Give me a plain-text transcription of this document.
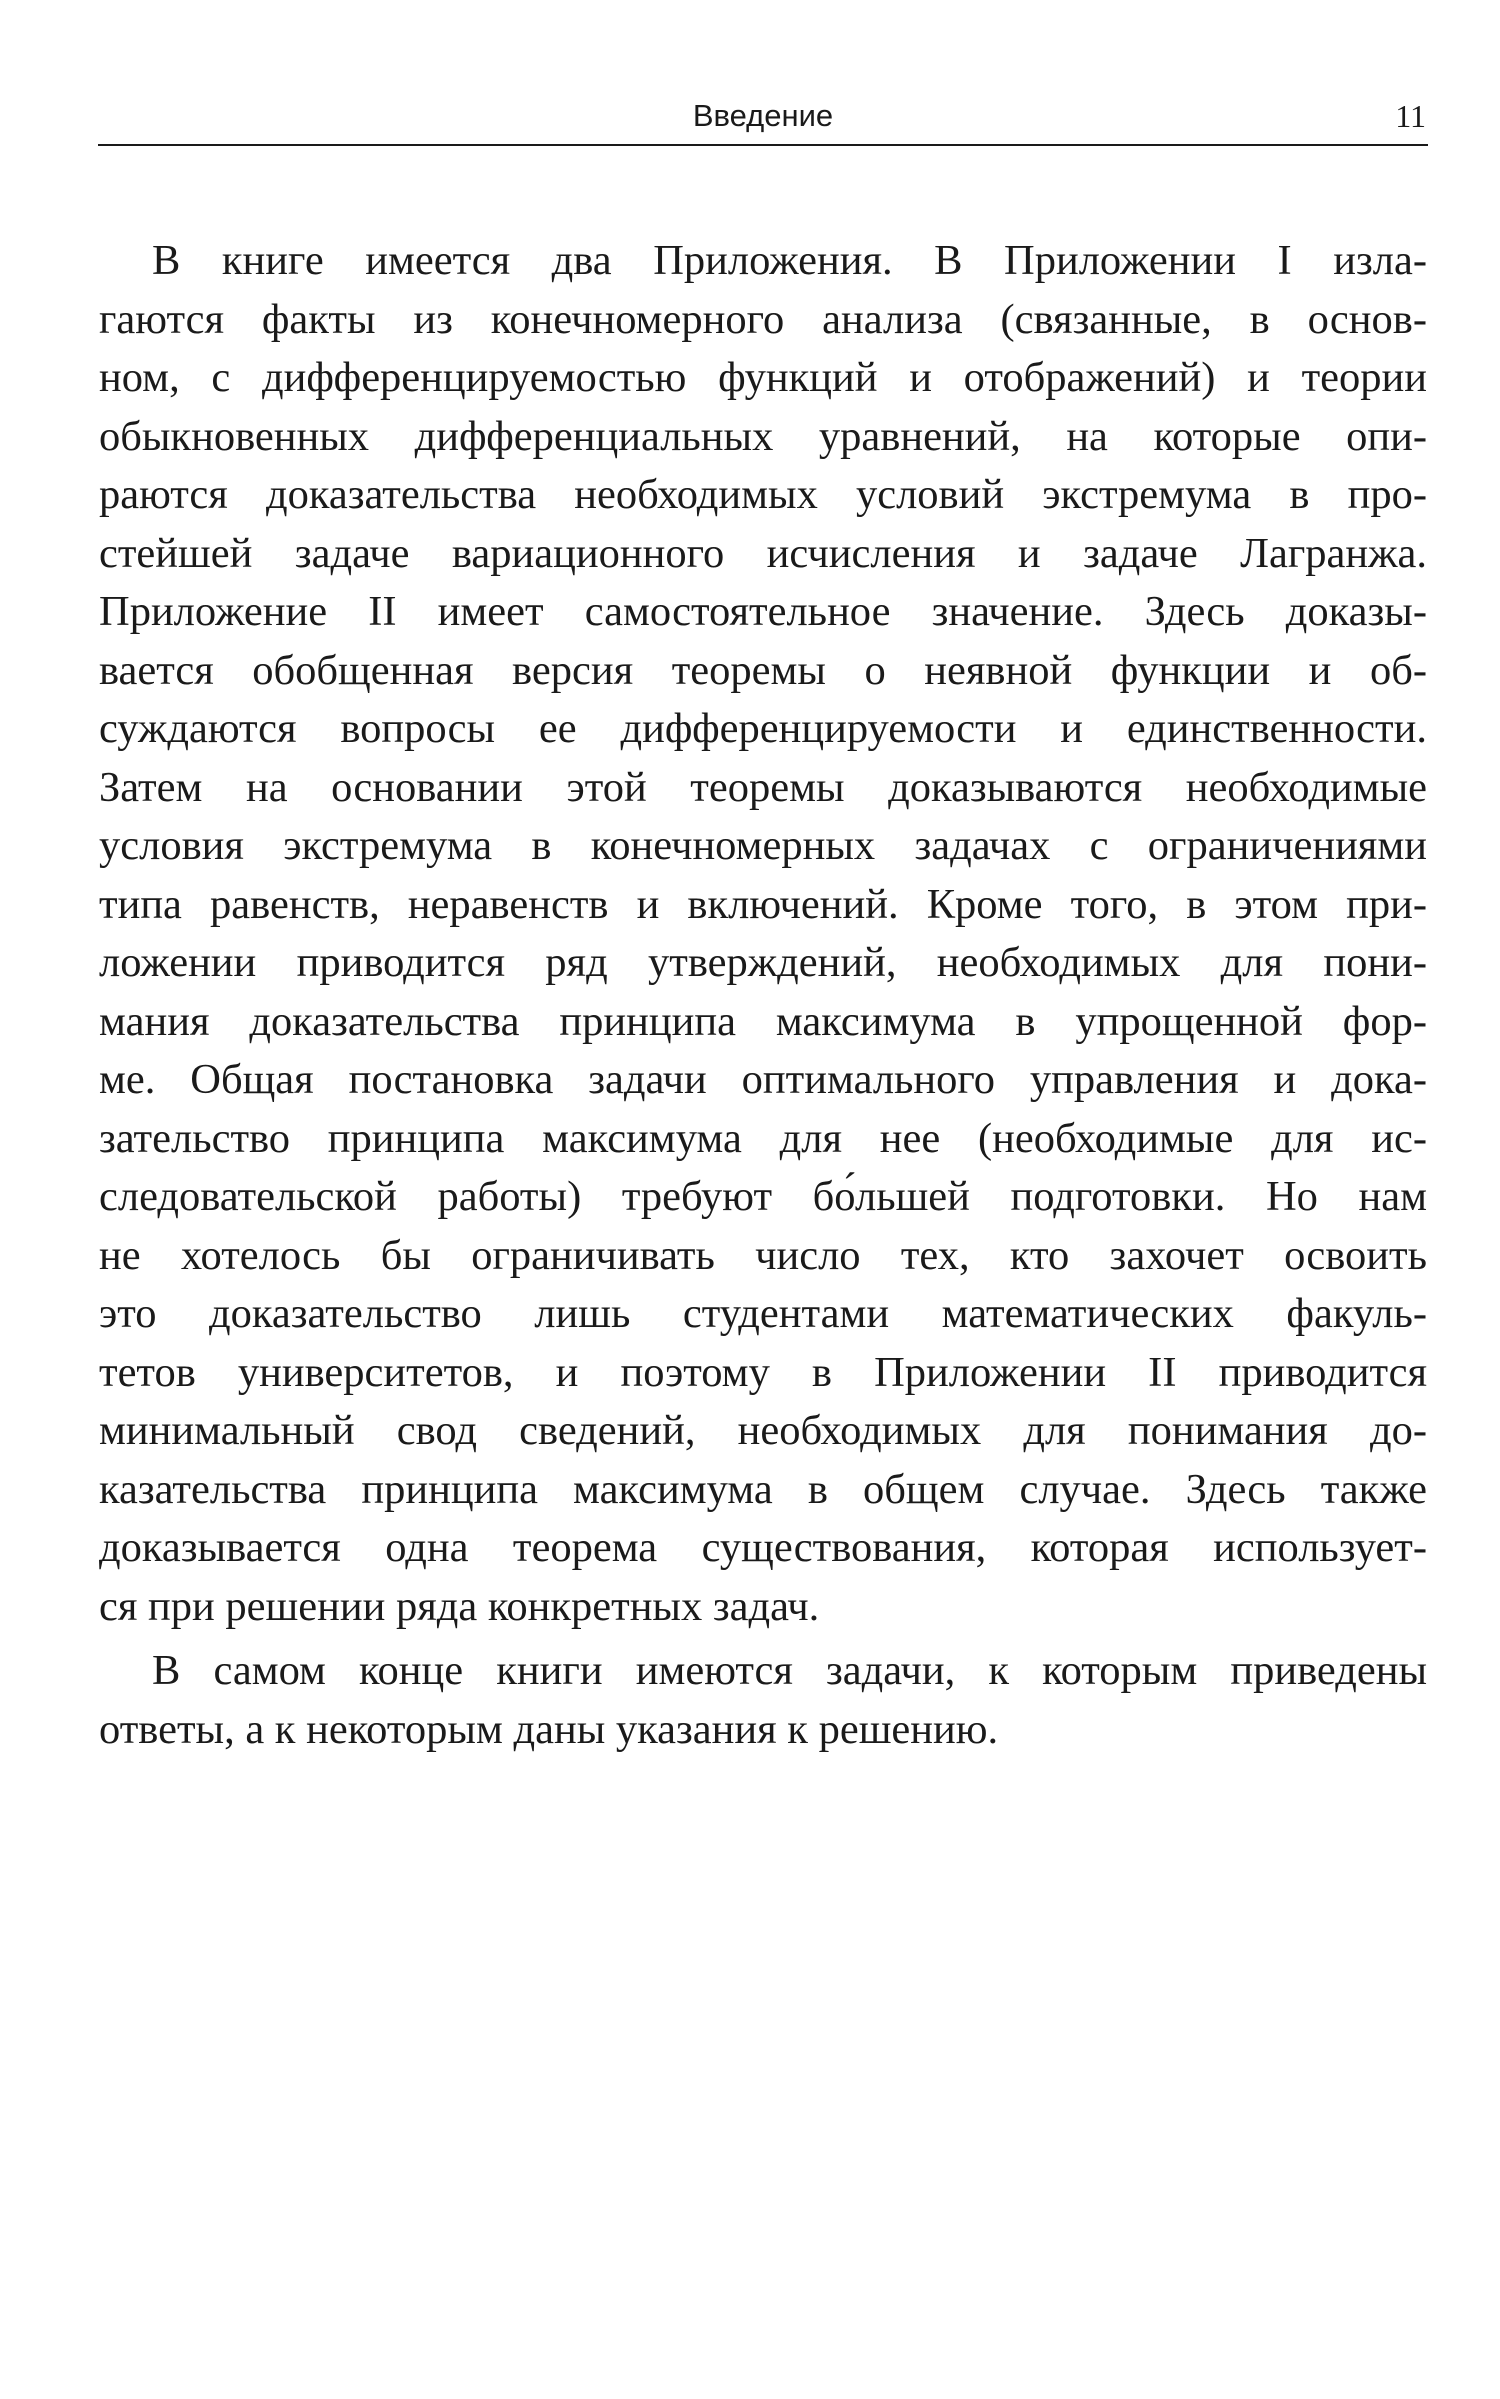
Введение	11
В книге имеется два Приложения. В Приложении I изла-
гаются факты из конечномерного анализа (связанные, в основ-
ном, с дифференцируемостью функций и отображений) и теории
обыкновенных дифференциальных уравнений, на которые опи-
раются доказательства необходимых условий экстремума в про-
стейшей задаче вариационного исчисления и задаче Лагранжа.
Приложение II имеет самостоятельное значение. Здесь доказы-
вается обобщенная версия теоремы о неявной функции и об-
суждаются вопросы ее дифференцируемости и единственности.
Затем на основании этой теоремы доказываются необходимые
условия экстремума в конечномерных задачах с ограничениями
типа равенств, неравенств и включений. Кроме того, в этом при-
ложении приводится ряд утверждений, необходимых для пони-
мания доказательства принципа максимума в упрощенной фор-
ме. Общая постановка задачи оптимального управления и дока-
зательство принципа максимума для нее (необходимые для ис-
следовательской работы) требуют бо́льшей подготовки. Но нам
не хотелось бы ограничивать число тех, кто захочет освоить
это доказательство лишь студентами математических факуль-
тетов университетов, и поэтому в Приложении II приводится
минимальный свод сведений, необходимых для понимания до-
казательства принципа максимума в общем случае. Здесь также
доказывается одна теорема существования, которая использует-
ся при решении ряда конкретных задач.
В самом конце книги имеются задачи, к которым приведены
ответы, а к некоторым даны указания к решению.
